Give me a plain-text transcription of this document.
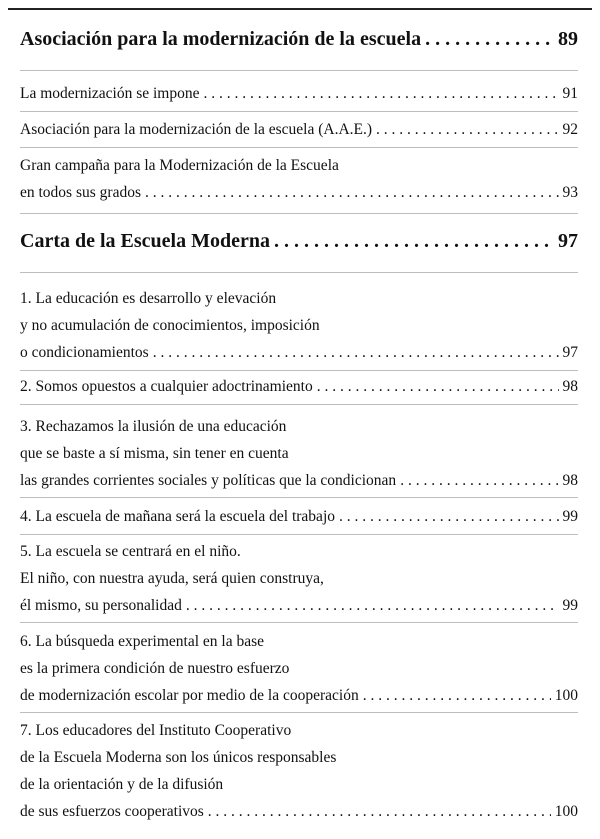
Asociación para la modernización de la escuela . . .	89
La modernización se impone . . .	91
Asociación para la modernización de la escuela (A.A.E.) . . .	92
Gran campaña para la Modernización de la Escuela
en todos sus grados . . .	93
Carta de la Escuela Moderna . . .	97
1. La educación es desarrollo y elevación
y no acumulación de conocimientos, imposición
o condicionamientos . . .	97
2. Somos opuestos a cualquier adoctrinamiento . . .	98
3. Rechazamos la ilusión de una educación
que se baste a sí misma, sin tener en cuenta
las grandes corrientes sociales y políticas que la condicionan . . .	98
4. La escuela de mañana será la escuela del trabajo . . .	99
5. La escuela se centrará en el niño.
El niño, con nuestra ayuda, será quien construya,
él mismo, su personalidad . . .	99
6. La búsqueda experimental en la base
es la primera condición de nuestro esfuerzo
de modernización escolar por medio de la cooperación . . .	100
7. Los educadores del Instituto Cooperativo
de la Escuela Moderna son los únicos responsables
de la orientación y de la difusión
de sus esfuerzos cooperativos . . .	100
